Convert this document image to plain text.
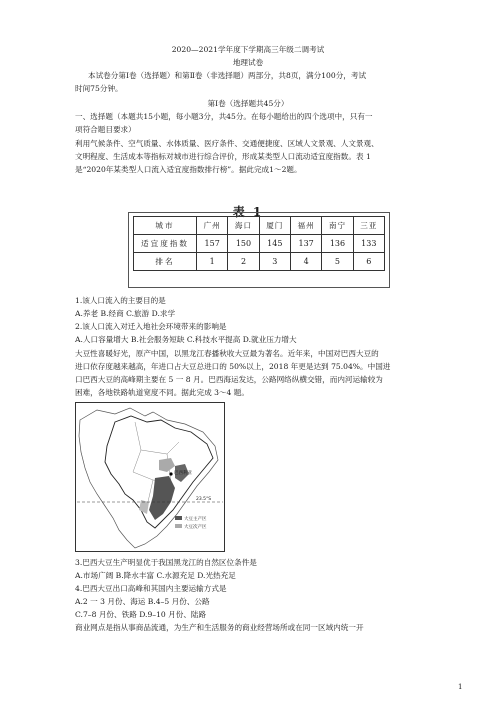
2020—2021学年度下学期高三年级二调考试
地理试卷
本试卷分第Ⅰ卷（选择题）和第Ⅱ卷（非选择题）两部分，共8页，满分100分，考试
时间75分钟。
第Ⅰ卷（选择题共45分）
一、选择题（本题共15小题，每小题3分，共45分。在每小题给出的四个选项中，只有一
项符合题目要求）
利用气候条件、空气质量、水体质量、医疗条件、交通便捷度、区域人文景观、人文景观、
文明程度、生活成本等指标对城市进行综合评价，形成某类型人口流动适宜度指数。表 1
是“2020年某类型人口流入适宜度指数排行榜”。据此完成1～2题。
表 1
城市	广州	海口	厦门	福州	南宁	三亚
适宜度指数	157	150	145	137	136	133
排名	1	2	3	4	5	6
1.该人口流入的主要目的是
A.养老 B.经商 C.旅游 D.求学
2.该人口流入对迁入地社会环境带来的影响是
A.人口容量增大 B.社会服务短缺 C.科技水平提高 D.就业压力增大
大豆性喜暖好光，原产中国，以黑龙江春播秋收大豆最为著名。近年来，中国对巴西大豆的
进口依存度越来越高，年进口占大豆总进口的 50%以上，2018 年更是达到 75.04%。中国进
口巴西大豆的高峰期主要在 5 一 8 月。巴西海运发达，公路网络纵横交错，而内河运输较为
困难，各地铁路轨道宽度不同。据此完成 3～4 题。
巴西利亚
23.5°S
大豆主产区
大豆次产区
3.巴西大豆生产明显优于我国黑龙江的自然区位条件是
A.市场广阔 B.降水丰富 C.水源充足 D.光热充足
4.巴西大豆出口高峰和其国内主要运输方式是
A.2 一 3 月份、海运 B.4–5 月份、公路
C.7–8 月份、铁路 D.9–10 月份、陆路
商业网点是指从事商品流通，为生产和生活服务的商业经营场所或在同一区域内统一开
1
